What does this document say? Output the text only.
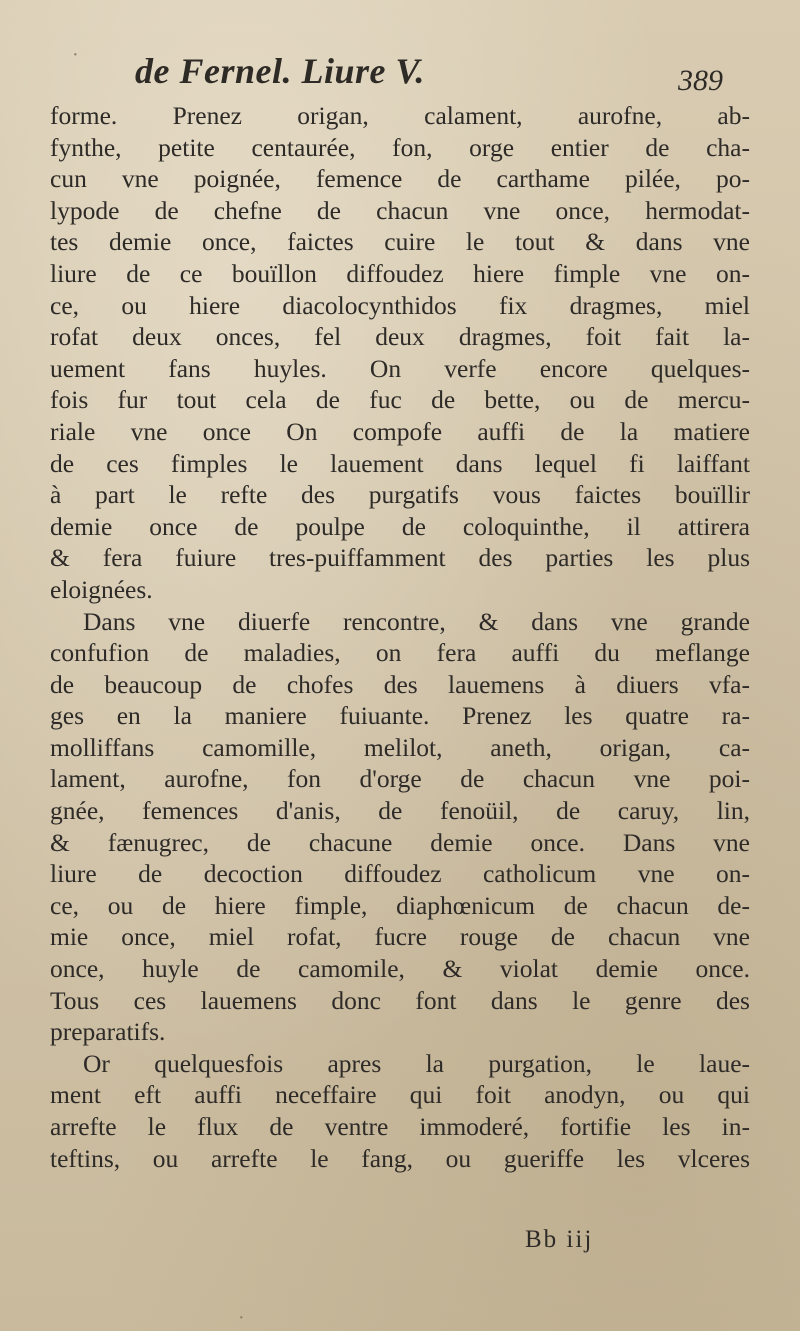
de Fernel. Liure V.	389
forme. Prenez origan, calament, aurofne, ab-
fynthe, petite centaurée, fon, orge entier de cha-
cun vne poignée, femence de carthame pilée, po-
lypode de chefne de chacun vne once, hermodat-
tes demie once, faictes cuire le tout & dans vne
liure de ce bouïllon diffoudez hiere fimple vne on-
ce, ou hiere diacolocynthidos fix dragmes, miel
rofat deux onces, fel deux dragmes, foit fait la-
uement fans huyles. On verfe encore quelques-
fois fur tout cela de fuc de bette, ou de mercu-
riale vne once On compofe auffi de la matiere
de ces fimples le lauement dans lequel fi laiffant
à part le refte des purgatifs vous faictes bouïllir
demie once de poulpe de coloquinthe, il attirera
& fera fuiure tres-puiffamment des parties les plus
eloignées.
Dans vne diuerfe rencontre, & dans vne grande
confufion de maladies, on fera auffi du meflange
de beaucoup de chofes des lauemens à diuers vfa-
ges en la maniere fuiuante. Prenez les quatre ra-
molliffans camomille, melilot, aneth, origan, ca-
lament, aurofne, fon d'orge de chacun vne poi-
gnée, femences d'anis, de fenoüil, de caruy, lin,
& fænugrec, de chacune demie once. Dans vne
liure de decoction diffoudez catholicum vne on-
ce, ou de hiere fimple, diaphœnicum de chacun de-
mie once, miel rofat, fucre rouge de chacun vne
once, huyle de camomile, & violat demie once.
Tous ces lauemens donc font dans le genre des
preparatifs.
Or quelquesfois apres la purgation, le laue-
ment eft auffi neceffaire qui foit anodyn, ou qui
arrefte le flux de ventre immoderé, fortifie les in-
teftins, ou arrefte le fang, ou gueriffe les vlceres
Bb iij
·
·
